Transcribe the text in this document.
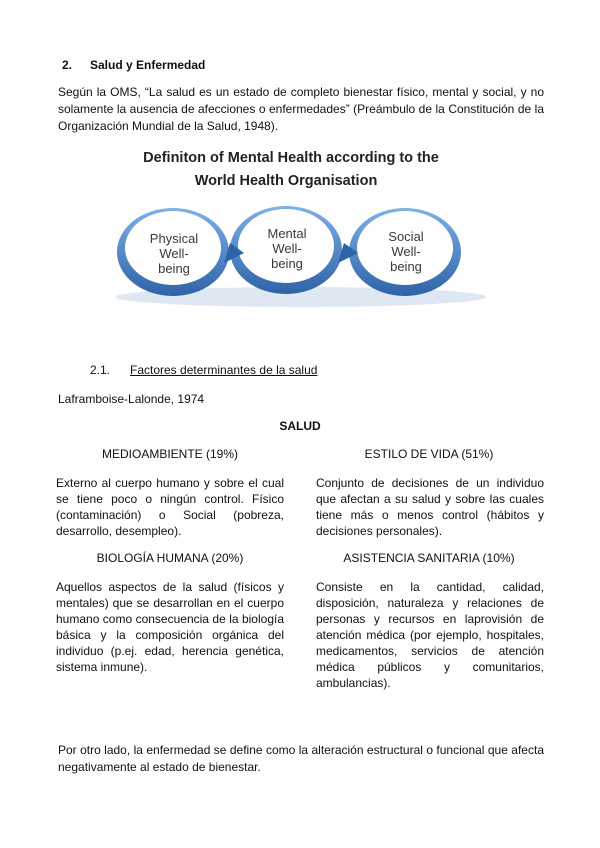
2. Salud y Enfermedad
Según la OMS, “La salud es un estado de completo bienestar físico, mental y social, y no solamente la ausencia de afecciones o enfermedades” (Preámbulo de la Constitución de la Organización Mundial de la Salud, 1948).
Definiton of Mental Health according to the
World Health Organisation
Physical
Well-
being
Mental
Well-
being
Social
Well-
being
2.1. Factores determinantes de la salud
Laframboise-Lalonde, 1974
SALUD
MEDIOAMBIENTE (19%)
Externo al cuerpo humano y sobre el cual se tiene poco o ningún control. Físico (contaminación) o Social (pobreza, desarrollo, desempleo).
ESTILO DE VIDA (51%)
Conjunto de decisiones de un individuo que afectan a su salud y sobre las cuales tiene más o menos control (hábitos y decisiones personales).
BIOLOGÍA HUMANA (20%)
Aquellos aspectos de la salud (físicos y mentales) que se desarrollan en el cuerpo humano como consecuencia de la biología básica y la composición orgánica del individuo (p.ej. edad, herencia genética, sistema inmune).
ASISTENCIA SANITARIA (10%)
Consiste en la cantidad, calidad, disposición, naturaleza y relaciones de personas y recursos en laprovisión de atención médica (por ejemplo, hospitales, medicamentos, servicios de atención médica públicos y comunitarios, ambulancias).
Por otro lado, la enfermedad se define como la alteración estructural o funcional que afecta negativamente al estado de bienestar.
